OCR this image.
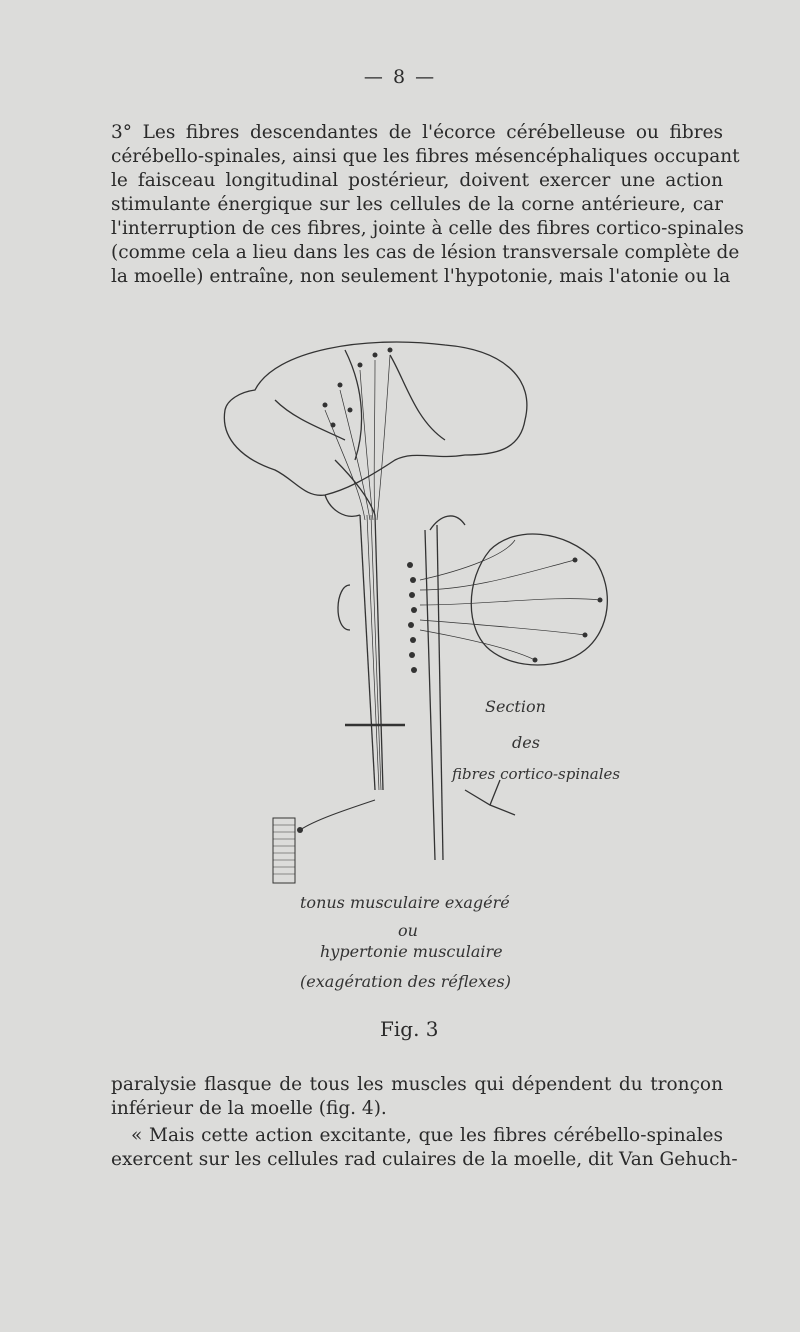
— 8 —

3° Les fibres descendantes de l'écorce cérébelleuse ou fibres
cérébello-spinales, ainsi que les fibres mésencéphaliques occupant
le faisceau longitudinal postérieur, doivent exercer une action
stimulante énergique sur les cellules de la corne antérieure, car
l'interruption de ces fibres, jointe à celle des fibres cortico-spinales
(comme cela a lieu dans les cas de lésion transversale complète de
la moelle) entraîne, non seulement l'hypotonie, mais l'atonie ou la

Section
des
fibres cortico-spinales
tonus musculaire exagéré
ou
hypertonie musculaire
(exagération des réflexes)
Fig. 3

paralysie flasque de tous les muscles qui dépendent du tronçon
inférieur de la moelle (fig. 4).

« Mais cette action excitante, que les fibres cérébello-spinales
exercent sur les cellules rad culaires de la moelle, dit Van Gehuch-
